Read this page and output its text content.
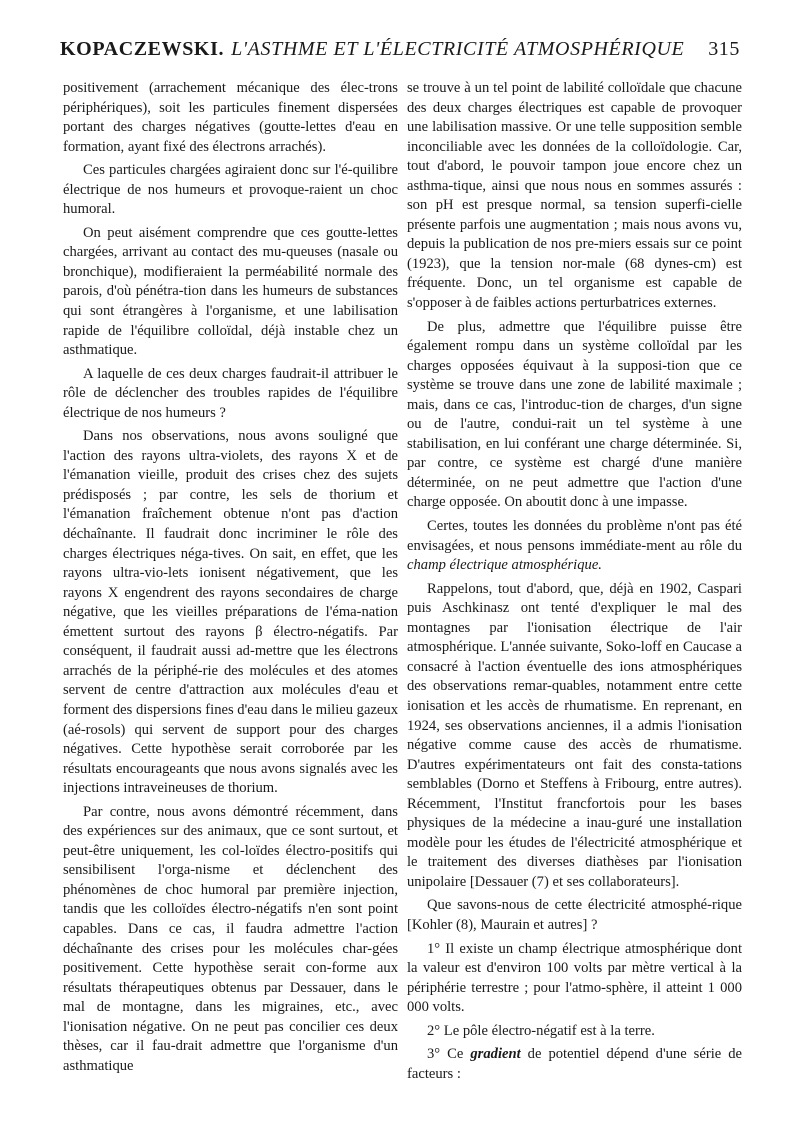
KOPACZEWSKI. L'ASTHME ET L'ÉLECTRICITÉ ATMOSPHÉRIQUE 315

positivement (arrachement mécanique des élec-trons périphériques), soit les particules finement dispersées portant des charges négatives (goutte-lettes d'eau en formation, ayant fixé des électrons arrachés).

Ces particules chargées agiraient donc sur l'é-quilibre électrique de nos humeurs et provoque-raient un choc humoral.

On peut aisément comprendre que ces goutte-lettes chargées, arrivant au contact des mu-queuses (nasale ou bronchique), modifieraient la perméabilité normale des parois, d'où pénétra-tion dans les humeurs de substances qui sont étrangères à l'organisme, et une labilisation rapide de l'équilibre colloïdal, déjà instable chez un asthmatique.

A laquelle de ces deux charges faudrait-il attribuer le rôle de déclencher des troubles rapides de l'équilibre électrique de nos humeurs ?

Dans nos observations, nous avons souligné que l'action des rayons ultra-violets, des rayons X et de l'émanation vieille, produit des crises chez des sujets prédisposés ; par contre, les sels de thorium et l'émanation fraîchement obtenue n'ont pas d'action déchaînante. Il faudrait donc incriminer le rôle des charges électriques néga-tives. On sait, en effet, que les rayons ultra-vio-lets ionisent négativement, que les rayons X engendrent des rayons secondaires de charge négative, que les vieilles préparations de l'éma-nation émettent surtout des rayons β électro-négatifs. Par conséquent, il faudrait aussi ad-mettre que les électrons arrachés de la périphé-rie des molécules et des atomes servent de centre d'attraction aux molécules d'eau et forment des dispersions fines d'eau dans le milieu gazeux (aé-rosols) qui servent de support pour des charges négatives. Cette hypothèse serait corroborée par les résultats encourageants que nous avons signalés avec les injections intraveineuses de thorium.

Par contre, nous avons démontré récemment, dans des expériences sur des animaux, que ce sont surtout, et peut-être uniquement, les col-loïdes électro-positifs qui sensibilisent l'orga-nisme et déclenchent des phénomènes de choc humoral par première injection, tandis que les colloïdes électro-négatifs n'en sont point capables. Dans ce cas, il faudra admettre l'action déchaînante des crises pour les molécules char-gées positivement. Cette hypothèse serait con-forme aux résultats thérapeutiques obtenus par Dessauer, dans le mal de montagne, dans les migraines, etc., avec l'ionisation négative. On ne peut pas concilier ces deux thèses, car il fau-drait admettre que l'organisme d'un asthmatique

se trouve à un tel point de labilité colloïdale que chacune des deux charges électriques est capable de provoquer une labilisation massive. Or une telle supposition semble inconciliable avec les données de la colloïdologie. Car, tout d'abord, le pouvoir tampon joue encore chez un asthma-tique, ainsi que nous nous en sommes assurés : son pH est presque normal, sa tension superfi-cielle présente parfois une augmentation ; mais nous avons vu, depuis la publication de nos pre-miers essais sur ce point (1923), que la tension nor-male (68 dynes-cm) est fréquente. Donc, un tel organisme est capable de s'opposer à de faibles actions perturbatrices externes.

De plus, admettre que l'équilibre puisse être également rompu dans un système colloïdal par les charges opposées équivaut à la supposi-tion que ce système se trouve dans une zone de labilité maximale ; mais, dans ce cas, l'introduc-tion de charges, d'un signe ou de l'autre, condui-rait un tel système à une stabilisation, en lui conférant une charge déterminée. Si, par contre, ce système est chargé d'une manière déterminée, on ne peut admettre que l'action d'une charge opposée. On aboutit donc à une impasse.

Certes, toutes les données du problème n'ont pas été envisagées, et nous pensons immédiate-ment au rôle du champ électrique atmosphérique.

Rappelons, tout d'abord, que, déjà en 1902, Caspari puis Aschkinasz ont tenté d'expliquer le mal des montagnes par l'ionisation électrique de l'air atmosphérique. L'année suivante, Soko-loff en Caucase a consacré à l'action éventuelle des ions atmosphériques des observations remar-quables, notamment entre cette ionisation et les accès de rhumatisme. En reprenant, en 1924, ses observations anciennes, il a admis l'ionisation négative comme cause des accès de rhumatisme. D'autres expérimentateurs ont fait des consta-tations semblables (Dorno et Steffens à Fribourg, entre autres). Récemment, l'Institut francfortois pour les bases physiques de la médecine a inau-guré une installation modèle pour les études de l'électricité atmosphérique et le traitement des diverses diathèses par l'ionisation unipolaire [Dessauer (7) et ses collaborateurs].

Que savons-nous de cette électricité atmosphé-rique [Kohler (8), Maurain et autres] ?

1° Il existe un champ électrique atmosphérique dont la valeur est d'environ 100 volts par mètre vertical à la périphérie terrestre ; pour l'atmo-sphère, il atteint 1 000 000 volts.

2° Le pôle électro-négatif est à la terre.

3° Ce gradient de potentiel dépend d'une série de facteurs :
